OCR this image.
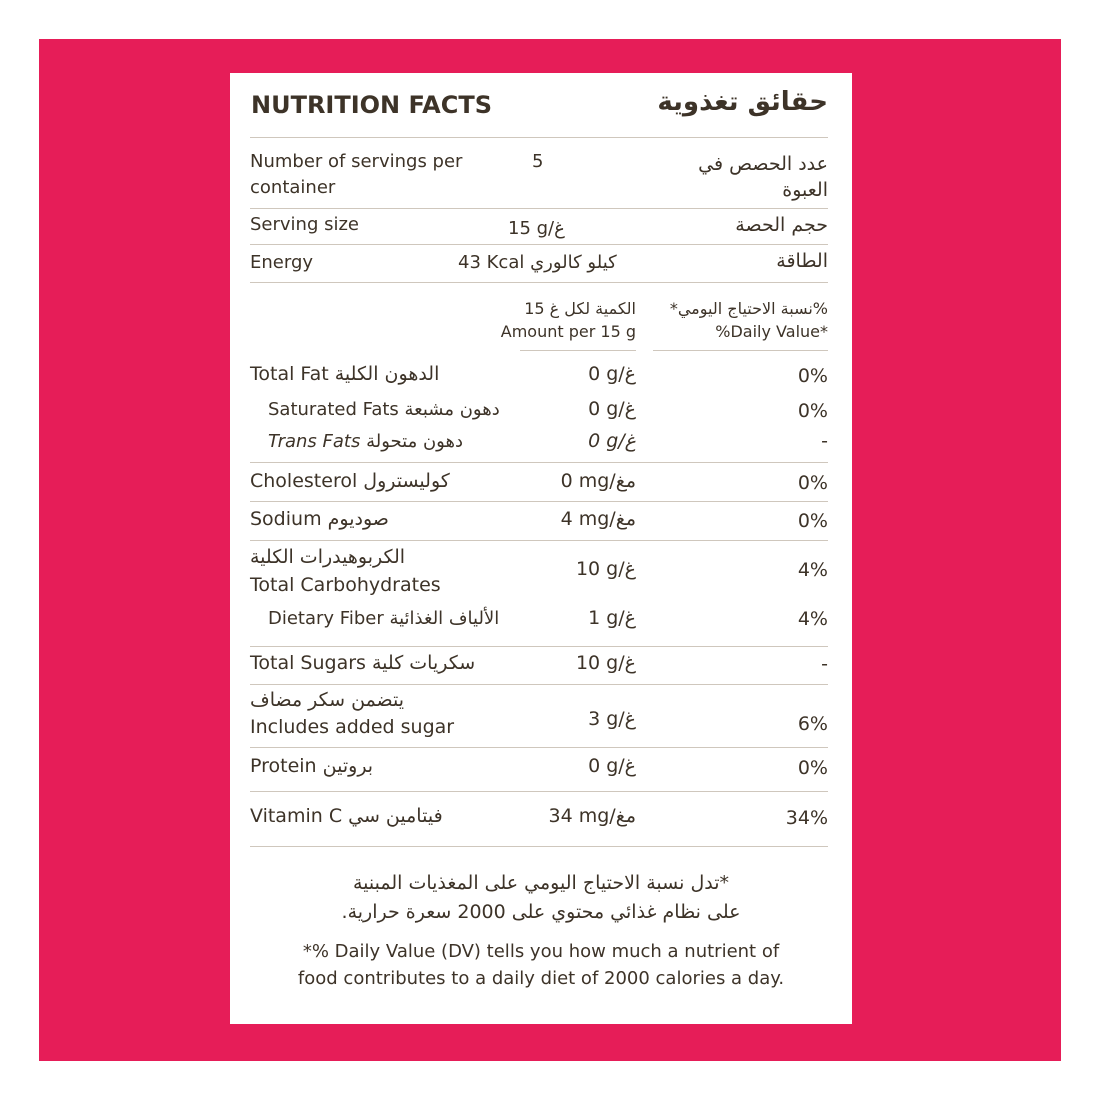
NUTRITION FACTS	حقائق تغذوية
Number of servings per
container
5	عدد الحصص في
العبوة
Serving size	15 g/غ	حجم الحصة
Energy	43 Kcal كيلو كالوري	الطاقة
الكمية لكل غ 15
Amount per 15 g
%نسبة الاحتياج اليومي*
%Daily Value*
Total Fat الدهون الكلية	0 g/غ	0%
Saturated Fats دهون مشبعة	0 g/غ	0%
Trans Fats دهون متحولة	0 g/غ	-
Cholesterol كوليسترول	0 mg/مغ	0%
Sodium صوديوم	4 mg/مغ	0%
الكربوهيدرات الكلية
Total Carbohydrates
10 g/غ	4%
Dietary Fiber الألياف الغذائية	1 g/غ	4%
Total Sugars سكريات كلية	10 g/غ	-
يتضمن سكر مضاف
Includes added sugar	3 g/غ	6%
Protein بروتين	0 g/غ	0%
Vitamin C فيتامين سي	34 mg/مغ	34%
*تدل نسبة الاحتياج اليومي على المغذيات المبنية
على نظام غذائي محتوي على 2000 سعرة حرارية.
*% Daily Value (DV) tells you how much a nutrient of
food contributes to a daily diet of 2000 calories a day.
